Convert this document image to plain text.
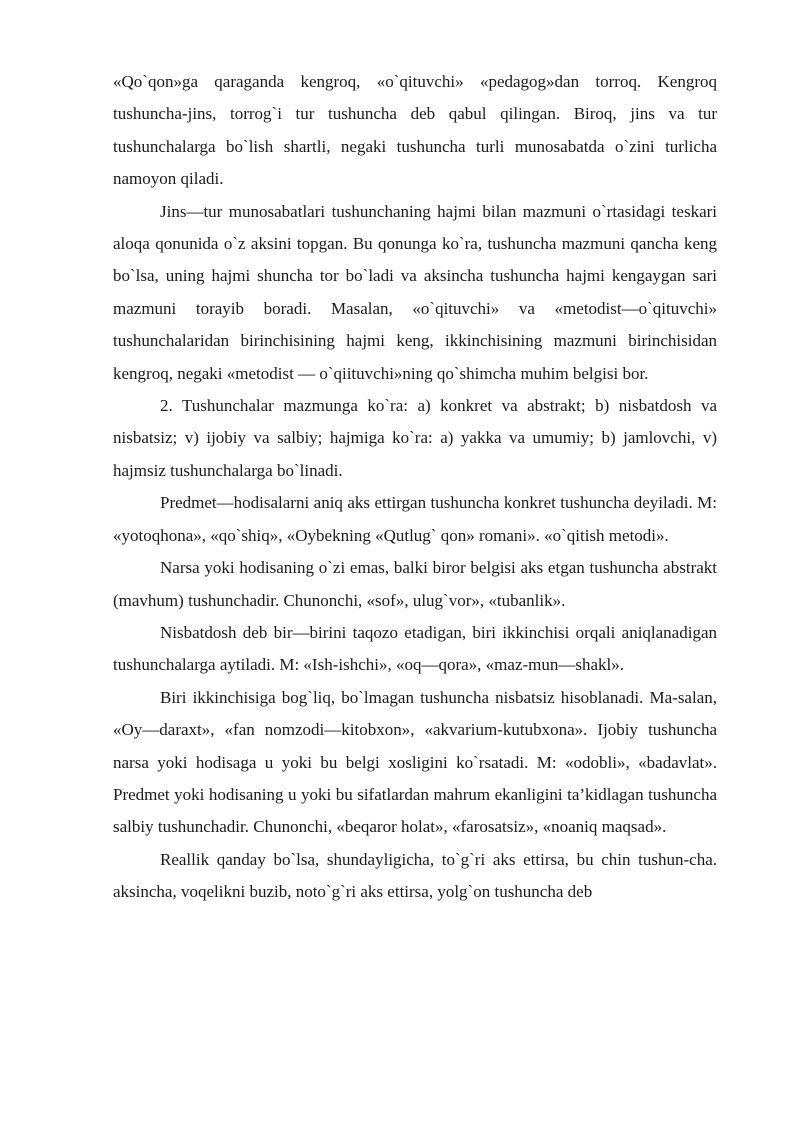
«Qo`qon»ga qaraganda kengroq, «o`qituvchi» «pedagog»dan torroq. Kengroq tushuncha-jins, torrog`i tur tushuncha deb qabul qilingan. Biroq, jins va tur tushunchalarga bo`lish shartli, negaki tushuncha turli munosabatda o`zini turlicha namoyon qiladi.

Jins—tur munosabatlari tushunchaning hajmi bilan mazmuni o`rtasidagi teskari aloqa qonunida o`z aksini topgan. Bu qonunga ko`ra, tushuncha mazmuni qancha keng bo`lsa, uning hajmi shuncha tor bo`ladi va aksincha tushuncha hajmi kengaygan sari mazmuni torayib boradi. Masalan, «o`qituvchi» va «metodist—o`qituvchi» tushunchalaridan birinchisining hajmi keng, ikkinchisining mazmuni birinchisidan kengroq, negaki «metodist — o`qiituvchi»ning qo`shimcha muhim belgisi bor.

2. Tushunchalar mazmunga ko`ra: a) konkret va abstrakt; b) nisbatdosh va nisbatsiz; v) ijobiy va salbiy; hajmiga ko`ra: a) yakka va umumiy; b) jamlovchi, v) hajmsiz tushunchalarga bo`linadi.

Predmet—hodisalarni aniq aks ettirgan tushuncha konkret tushuncha deyiladi. M: «yotoqhona», «qo`shiq», «Oybekning «Qutlug` qon» romani». «o`qitish metodi».

Narsa yoki hodisaning o`zi emas, balki biror belgisi aks etgan tushuncha abstrakt (mavhum) tushunchadir. Chunonchi, «sof», ulug`vor», «tubanlik».

Nisbatdosh deb bir—birini taqozo etadigan, biri ikkinchisi orqali aniqlanadigan tushunchalarga aytiladi. M: «Ish-ishchi», «oq—qora», «maz-mun—shakl».

Biri ikkinchisiga bog`liq, bo`lmagan tushuncha nisbatsiz hisoblanadi. Ma-salan, «Oy—daraxt», «fan nomzodi—kitobxon», «akvarium-kutubxona». Ijobiy tushuncha narsa yoki hodisaga u yoki bu belgi xosligini ko`rsatadi. M: «odobli», «badavlat». Predmet yoki hodisaning u yoki bu sifatlardan mahrum ekanligini ta’kidlagan tushuncha salbiy tushunchadir. Chunonchi, «beqaror holat», «farosatsiz», «noaniq maqsad».

Reallik qanday bo`lsa, shundayligicha, to`g`ri aks ettirsa, bu chin tushun-cha. aksincha, voqelikni buzib, noto`g`ri aks ettirsa, yolg`on tushuncha deb
